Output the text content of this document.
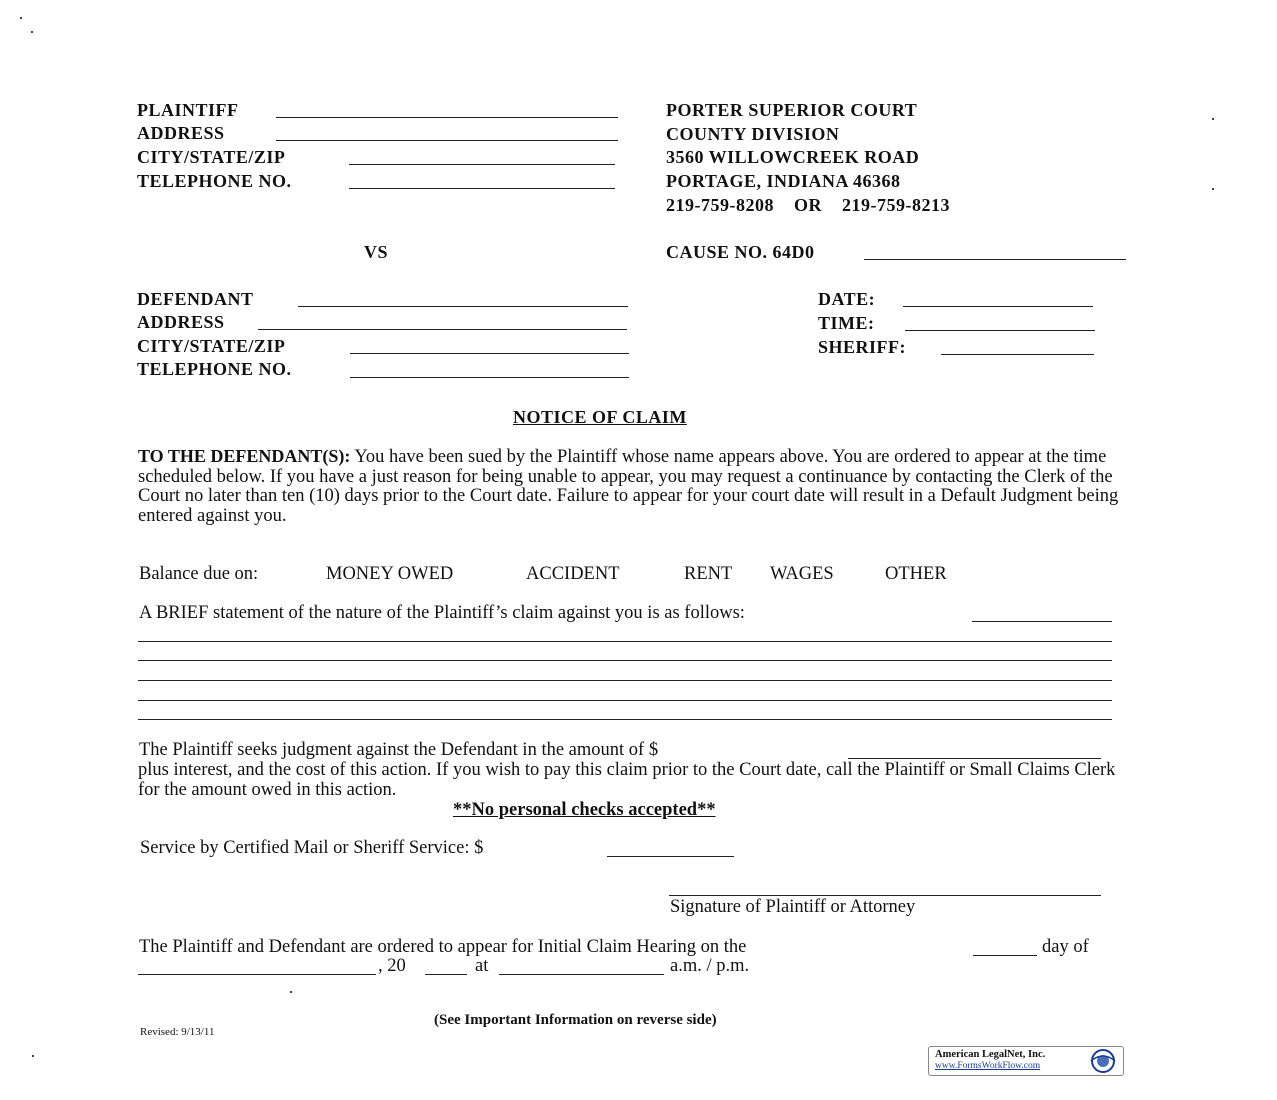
PLAINTIFF
ADDRESS
CITY/STATE/ZIP
TELEPHONE NO.
PORTER SUPERIOR COURT
COUNTY DIVISION
3560 WILLOWCREEK ROAD
PORTAGE, INDIANA 46368
219-759-8208    OR    219-759-8213
VS	CAUSE NO. 64D0
DEFENDANT
ADDRESS
CITY/STATE/ZIP
TELEPHONE NO.
DATE:
TIME:
SHERIFF:
NOTICE OF CLAIM
TO THE DEFENDANT(S): You have been sued by the Plaintiff whose name appears above. You are ordered to appear at the time scheduled below. If you have a just reason for being unable to appear, you may request a continuance by contacting the Clerk of the Court no later than ten (10) days prior to the Court date. Failure to appear for your court date will result in a Default Judgment being entered against you.
Balance due on:	MONEY OWED	ACCIDENT	RENT WAGES	OTHER
A BRIEF statement of the nature of the Plaintiff’s claim against you is as follows:
The Plaintiff seeks judgment against the Defendant in the amount of $
plus interest, and the cost of this action. If you wish to pay this claim prior to the Court date, call the Plaintiff or Small Claims Clerk for the amount owed in this action.
**No personal checks accepted**
Service by Certified Mail or Sheriff Service: $
Signature of Plaintiff or Attorney
The Plaintiff and Defendant are ordered to appear for Initial Claim Hearing on the	day of
, 20	at	a.m. / p.m.
(See Important Information on reverse side)
Revised: 9/13/11
American LegalNet, Inc.
www.FormsWorkFlow.com
